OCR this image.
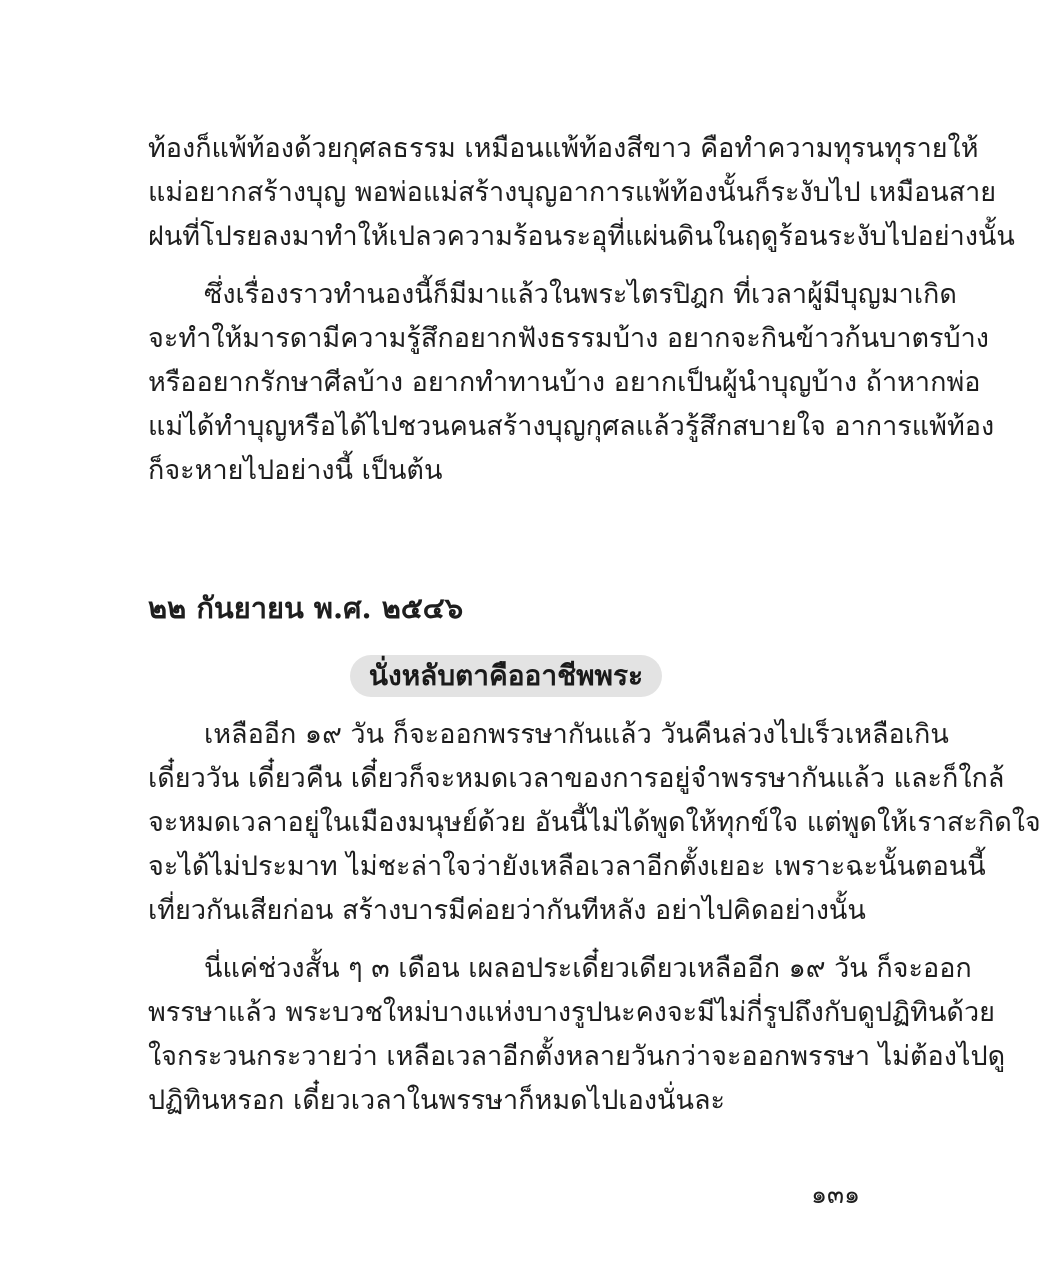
ท้องก็แพ้ท้องด้วยกุศลธรรม เหมือนแพ้ท้องสีขาว คือทำความทุรนทุรายให้
แม่อยากสร้างบุญ พอพ่อแม่สร้างบุญอาการแพ้ท้องนั้นก็ระงับไป เหมือนสาย
ฝนที่โปรยลงมาทำให้เปลวความร้อนระอุที่แผ่นดินในฤดูร้อนระงับไปอย่างนั้น
ซึ่งเรื่องราวทำนองนี้ก็มีมาแล้วในพระไตรปิฎก ที่เวลาผู้มีบุญมาเกิด
จะทำให้มารดามีความรู้สึกอยากฟังธรรมบ้าง อยากจะกินข้าวก้นบาตรบ้าง
หรืออยากรักษาศีลบ้าง อยากทำทานบ้าง อยากเป็นผู้นำบุญบ้าง ถ้าหากพ่อ
แม่ได้ทำบุญหรือได้ไปชวนคนสร้างบุญกุศลแล้วรู้สึกสบายใจ อาการแพ้ท้อง
ก็จะหายไปอย่างนี้ เป็นต้น
๒๒ กันยายน พ.ศ. ๒๕๔๖
นั่งหลับตาคืออาชีพพระ
เหลืออีก ๑๙ วัน ก็จะออกพรรษากันแล้ว วันคืนล่วงไปเร็วเหลือเกิน
เดี๋ยววัน เดี๋ยวคืน เดี๋ยวก็จะหมดเวลาของการอยู่จำพรรษากันแล้ว และก็ใกล้
จะหมดเวลาอยู่ในเมืองมนุษย์ด้วย อันนี้ไม่ได้พูดให้ทุกข์ใจ แต่พูดให้เราสะกิดใจ
จะได้ไม่ประมาท ไม่ชะล่าใจว่ายังเหลือเวลาอีกตั้งเยอะ เพราะฉะนั้นตอนนี้
เที่ยวกันเสียก่อน สร้างบารมีค่อยว่ากันทีหลัง อย่าไปคิดอย่างนั้น
นี่แค่ช่วงสั้น ๆ ๓ เดือน เผลอประเดี๋ยวเดียวเหลืออีก ๑๙ วัน ก็จะออก
พรรษาแล้ว พระบวชใหม่บางแห่งบางรูปนะคงจะมีไม่กี่รูปถึงกับดูปฏิทินด้วย
ใจกระวนกระวายว่า เหลือเวลาอีกตั้งหลายวันกว่าจะออกพรรษา ไม่ต้องไปดู
ปฏิทินหรอก เดี๋ยวเวลาในพรรษาก็หมดไปเองนั่นละ
๑๓๑
